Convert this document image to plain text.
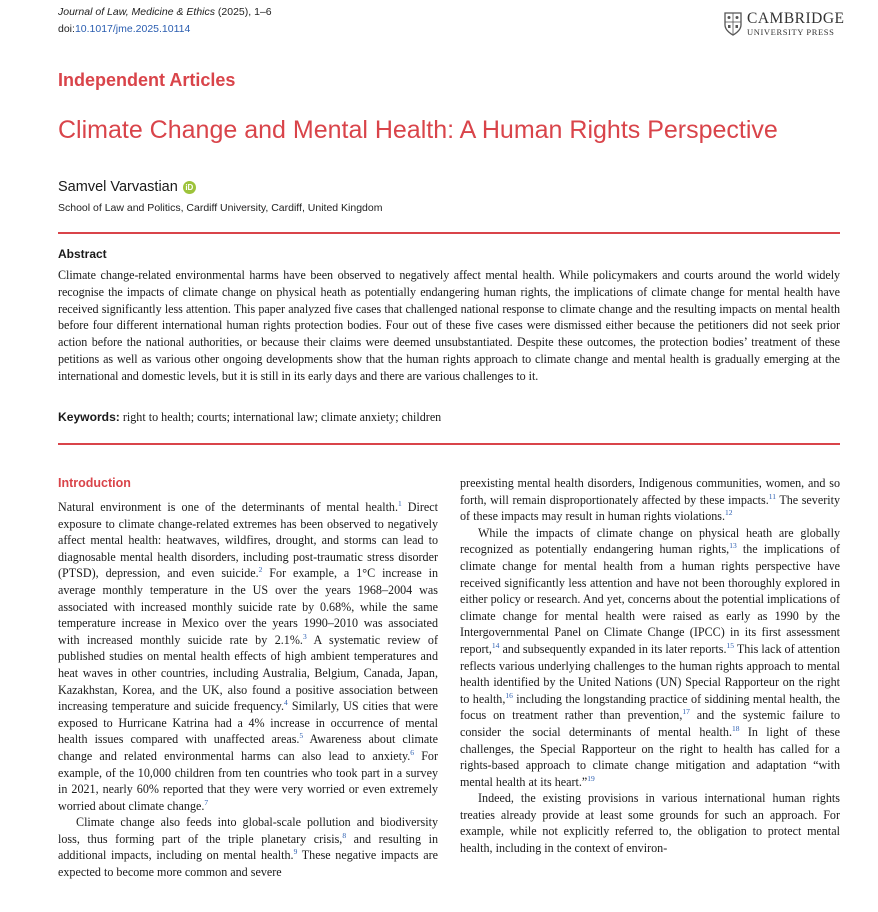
Journal of Law, Medicine & Ethics (2025), 1–6
doi:10.1017/jme.2025.10114
CAMBRIDGE
UNIVERSITY PRESS
Independent Articles
Climate Change and Mental Health: A Human Rights Perspective
Samvel Varvastian iD
School of Law and Politics, Cardiff University, Cardiff, United Kingdom
Abstract
Climate change-related environmental harms have been observed to negatively affect mental health. While policymakers and courts around the world widely recognise the impacts of climate change on physical heath as potentially endangering human rights, the implications of climate change for mental health have received significantly less attention. This paper analyzed five cases that challenged national response to climate change and the resulting impacts on mental health before four different international human rights protection bodies. Four out of these five cases were dismissed either because the petitioners did not seek prior action before the national authorities, or because their claims were deemed unsubstantiated. Despite these outcomes, the protection bodies’ treatment of these petitions as well as various other ongoing developments show that the human rights approach to climate change and mental health is gradually emerging at the international and domestic levels, but it is still in its early days and there are various challenges to it.
Keywords: right to health; courts; international law; climate anxiety; children
Introduction

Natural environment is one of the determinants of mental health.$^1$ Direct exposure to climate change-related extremes has been observed to negatively affect mental health: heatwaves, wildfires, drought, and storms can lead to diagnosable mental health disorders, including post-traumatic stress disorder (PTSD), depression, and even suicide.$^2$ For example, a 1°C increase in average monthly temperature in the US over the years 1968–2004 was associated with increased monthly suicide rate by 0.68%, while the same temperature increase in Mexico over the years 1990–2010 was associated with increased monthly suicide rate by 2.1%.$^3$ A systematic review of published studies on mental health effects of high ambient temperatures and heat waves in other countries, including Australia, Belgium, Canada, Japan, Kazakhstan, Korea, and the UK, also found a positive association between increasing temperature and suicide frequency.$^4$ Similarly, US cities that were exposed to Hurricane Katrina had a 4% increase in occurrence of mental health issues compared with unaffected areas.$^5$ Awareness about climate change and related environmental harms can also lead to anxiety.$^6$ For example, of the 10,000 children from ten countries who took part in a survey in 2021, nearly 60% reported that they were very worried or even extremely worried about climate change.$^7$

Climate change also feeds into global-scale pollution and biodiversity loss, thus forming part of the triple planetary crisis,$^8$ and resulting in additional impacts, including on mental health.$^9$ These negative impacts are expected to become more common and severe

preexisting mental health disorders, Indigenous communities, women, and so forth, will remain disproportionately affected by these impacts.$^{11}$ The severity of these impacts may result in human rights violations.$^{12}$

While the impacts of climate change on physical heath are globally recognized as potentially endangering human rights,$^{13}$ the implications of climate change for mental health from a human rights perspective have received significantly less attention and have not been thoroughly explored in either policy or research. And yet, concerns about the potential implications of climate change for mental health were raised as early as 1990 by the Intergovernmental Panel on Climate Change (IPCC) in its first assessment report,$^{14}$ and subsequently expanded in its later reports.$^{15}$ This lack of attention reflects various underlying challenges to the human rights approach to mental health identified by the United Nations (UN) Special Rapporteur on the right to health,$^{16}$ including the longstanding practice of siddining mental health, the focus on treatment rather than prevention,$^{17}$ and the systemic failure to consider the social determinants of mental health.$^{18}$ In light of these challenges, the Special Rapporteur on the right to health has called for a rights-based approach to climate change mitigation and adaptation “with mental health at its heart.”$^{19}$

Indeed, the existing provisions in various international human rights treaties already provide at least some grounds for such an approach. For example, while not explicitly referred to, the obligation to protect mental health, including in the context of environ-
